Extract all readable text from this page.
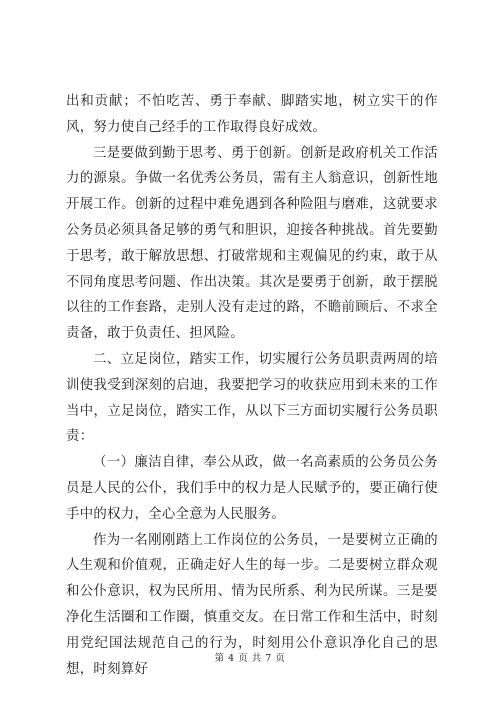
出和贡献；不怕吃苦、勇于奉献、脚踏实地，树立实干的作风，努力使自己经手的工作取得良好成效。

三是要做到勤于思考、勇于创新。创新是政府机关工作活力的源泉。争做一名优秀公务员，需有主人翁意识，创新性地开展工作。创新的过程中难免遇到各种险阻与磨难，这就要求公务员必须具备足够的勇气和胆识，迎接各种挑战。首先要勤于思考，敢于解放思想、打破常规和主观偏见的约束，敢于从不同角度思考问题、作出决策。其次是要勇于创新，敢于摆脱以往的工作套路，走别人没有走过的路，不瞻前顾后、不求全责备，敢于负责任、担风险。

二、立足岗位，踏实工作，切实履行公务员职责两周的培训使我受到深刻的启迪，我要把学习的收获应用到未来的工作当中，立足岗位，踏实工作，从以下三方面切实履行公务员职责：

（一）廉洁自律，奉公从政，做一名高素质的公务员公务员是人民的公仆，我们手中的权力是人民赋予的，要正确行使手中的权力，全心全意为人民服务。

作为一名刚刚踏上工作岗位的公务员，一是要树立正确的人生观和价值观，正确走好人生的每一步。二是要树立群众观和公仆意识，权为民所用、情为民所系、利为民所谋。三是要净化生活圈和工作圈，慎重交友。在日常工作和生活中，时刻用党纪国法规范自己的行为，时刻用公仆意识净化自己的思想，时刻算好

第 4 页 共 7 页
